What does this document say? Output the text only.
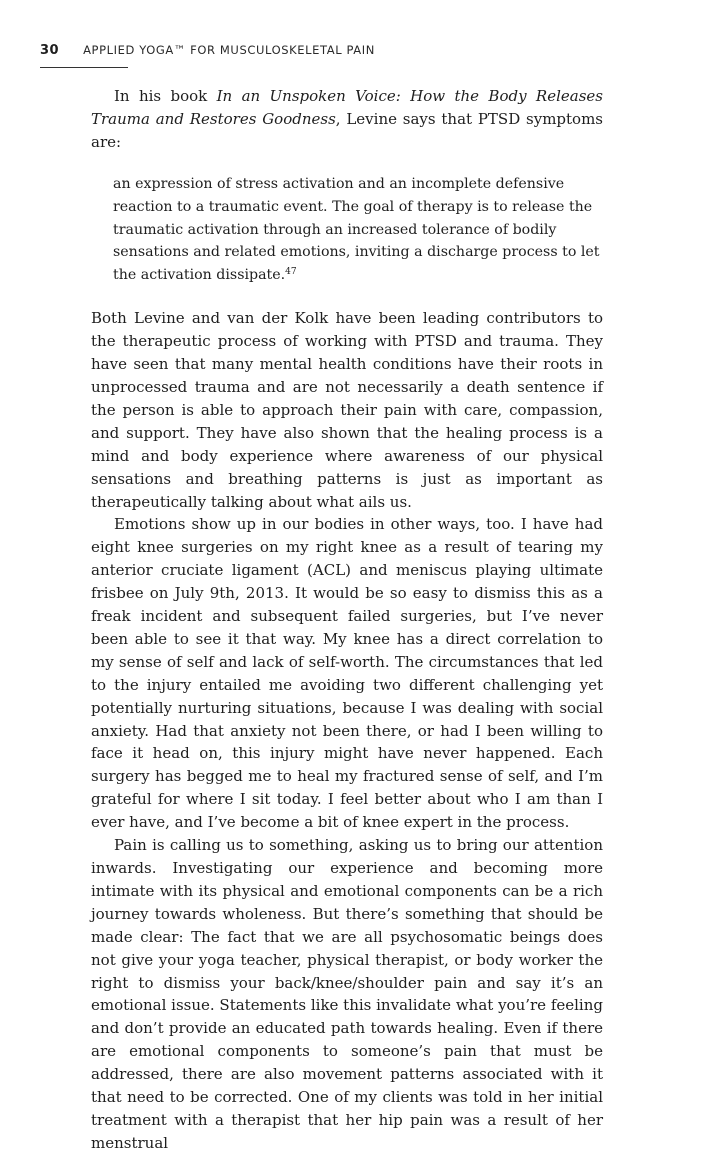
30 APPLIED YOGA™ FOR MUSCULOSKELETAL PAIN

In his book In an Unspoken Voice: How the Body Releases Trauma and Restores Goodness, Levine says that PTSD symptoms are:

an expression of stress activation and an incomplete defensive reaction to a traumatic event. The goal of therapy is to release the traumatic activation through an increased tolerance of bodily sensations and related emotions, inviting a discharge process to let the activation dissipate.$^{47}$

Both Levine and van der Kolk have been leading contributors to the therapeutic process of working with PTSD and trauma. They have seen that many mental health conditions have their roots in unprocessed trauma and are not necessarily a death sentence if the person is able to approach their pain with care, compassion, and support. They have also shown that the healing process is a mind and body experience where awareness of our physical sensations and breathing patterns is just as important as therapeutically talking about what ails us.

Emotions show up in our bodies in other ways, too. I have had eight knee surgeries on my right knee as a result of tearing my anterior cruciate ligament (ACL) and meniscus playing ultimate frisbee on July 9th, 2013. It would be so easy to dismiss this as a freak incident and subsequent failed surgeries, but I’ve never been able to see it that way. My knee has a direct correlation to my sense of self and lack of self-worth. The circumstances that led to the injury entailed me avoiding two different challenging yet potentially nurturing situations, because I was dealing with social anxiety. Had that anxiety not been there, or had I been willing to face it head on, this injury might have never happened. Each surgery has begged me to heal my fractured sense of self, and I’m grateful for where I sit today. I feel better about who I am than I ever have, and I’ve become a bit of knee expert in the process.

Pain is calling us to something, asking us to bring our attention inwards. Investigating our experience and becoming more intimate with its physical and emotional components can be a rich journey towards wholeness. But there’s something that should be made clear: The fact that we are all psychosomatic beings does not give your yoga teacher, physical therapist, or body worker the right to dismiss your back/knee/shoulder pain and say it’s an emotional issue. Statements like this invalidate what you’re feeling and don’t provide an educated path towards healing. Even if there are emotional components to someone’s pain that must be addressed, there are also movement patterns associated with it that need to be corrected. One of my clients was told in her initial treatment with a therapist that her hip pain was a result of her menstrual
